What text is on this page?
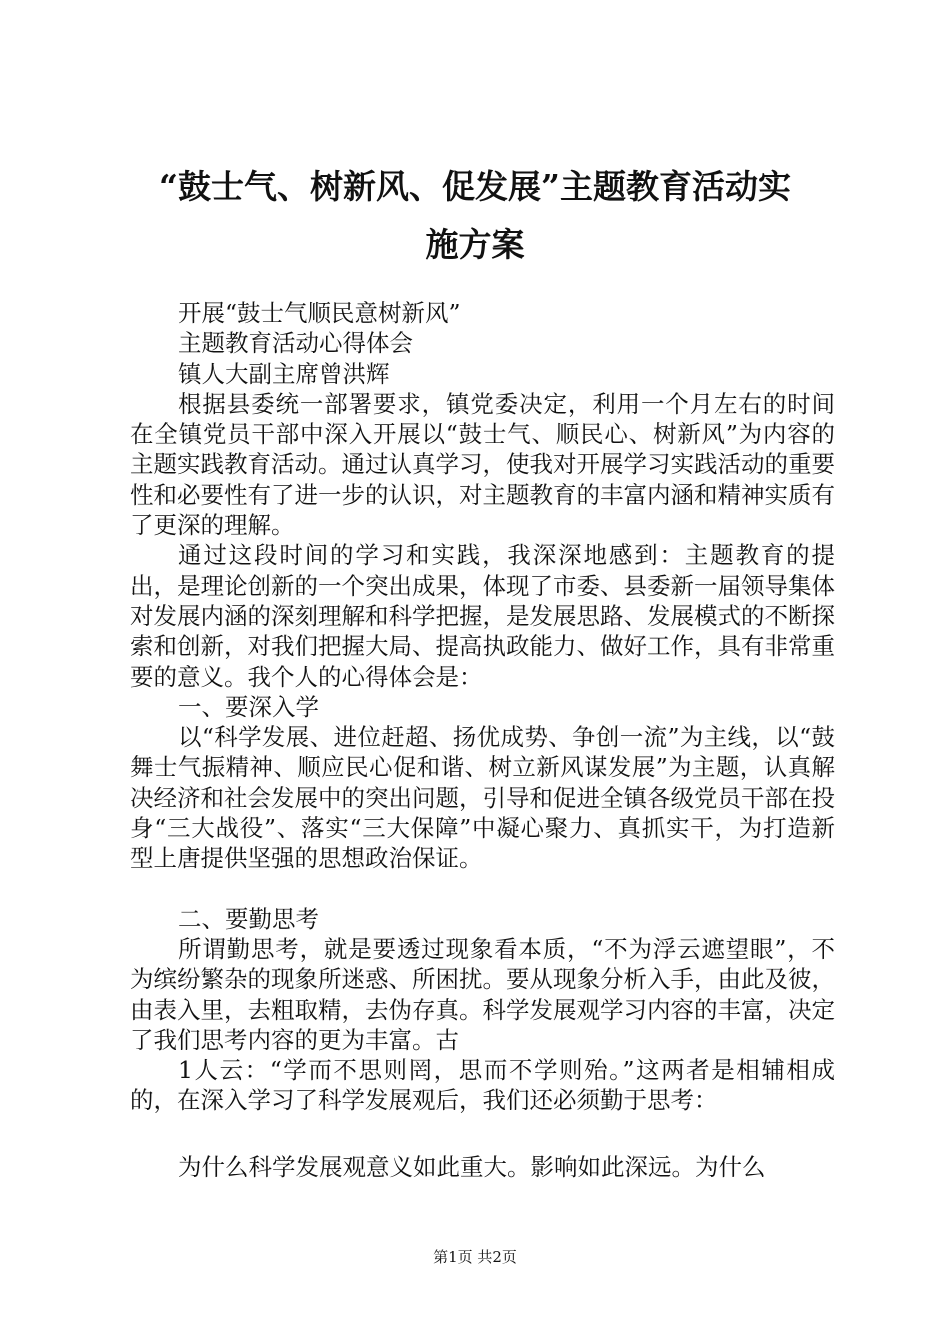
“鼓士气、树新风、促发展”主题教育活动实
施方案

开展“鼓士气顺民意树新风”

主题教育活动心得体会

镇人大副主席曾洪辉

根据县委统一部署要求，镇党委决定，利用一个月左右的时间在全镇党员干部中深入开展以“鼓士气、顺民心、树新风”为内容的主题实践教育活动。通过认真学习，使我对开展学习实践活动的重要性和必要性有了进一步的认识，对主题教育的丰富内涵和精神实质有了更深的理解。

通过这段时间的学习和实践，我深深地感到：主题教育的提出，是理论创新的一个突出成果，体现了市委、县委新一届领导集体对发展内涵的深刻理解和科学把握，是发展思路、发展模式的不断探索和创新，对我们把握大局、提高执政能力、做好工作，具有非常重要的意义。我个人的心得体会是：

一、要深入学

以“科学发展、进位赶超、扬优成势、争创一流”为主线，以“鼓舞士气振精神、顺应民心促和谐、树立新风谋发展”为主题，认真解决经济和社会发展中的突出问题，引导和促进全镇各级党员干部在投身“三大战役”、落实“三大保障”中凝心聚力、真抓实干，为打造新型上唐提供坚强的思想政治保证。

二、要勤思考

所谓勤思考，就是要透过现象看本质，“不为浮云遮望眼”，不为缤纷繁杂的现象所迷惑、所困扰。要从现象分析入手，由此及彼，由表入里，去粗取精，去伪存真。科学发展观学习内容的丰富，决定了我们思考内容的更为丰富。古

1人云：“学而不思则罔，思而不学则殆。”这两者是相辅相成的，在深入学习了科学发展观后，我们还必须勤于思考：

为什么科学发展观意义如此重大。影响如此深远。为什么

第1页 共2页
